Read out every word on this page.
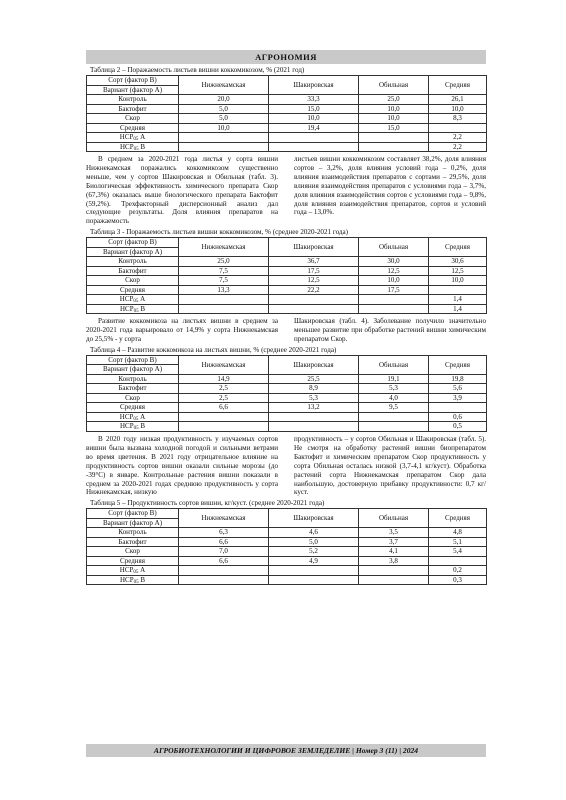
АГРОНОМИЯ
Таблица 2 – Поражаемость листьев вишни коккомикозом, % (2021 год)
Сорт (фактор В)
Вариант (фактор А)	Нижнекамская	Шакировская	Обильная	Средняя
Контроль	20,0	33,3	25,0	26,1
Бактофит	5,0	15,0	10,0	10,0
Скор	5,0	10,0	10,0	8,3
Средняя	10,0	19,4	15,0	
$НСР_{05}$ А				2,2
$НСР_{05}$ В				2,2

В среднем за 2020-2021 года листья у сорта вишни Нижнекамская поражались коккомикозом существенно меньше, чем у сортов Шакировская и Обильная (табл. 3). Биологическая эффективность химического препарата Скор (67,3%) оказалась выше биологического препарата Бактофит (59,2%). Трехфакторный дисперсионный анализ дал следующие результаты. Доля влияния препаратов на поражаемость

листьев вишни коккомикозом составляет 38,2%, доля влияния сортов – 3,2%, доля влияния условий года – 0,2%, доля влияния взаимодействия препаратов с сортами – 29,5%, доля влияния взаимодействия препаратов с условиями года – 3,7%, доля влияния взаимодействия сортов с условиями года – 9,8%, доля влияния взаимодействия препаратов, сортов и условий года – 13,0%.

Таблица 3 - Поражаемость листьев вишни коккомикозом, % (среднее 2020-2021 года)
Сорт (фактор В)
Вариант (фактор А)	Нижнекамская	Шакировская	Обильная	Средняя
Контроль	25,0	36,7	30,0	30,6
Бактофит	7,5	17,5	12,5	12,5
Скор	7,5	12,5	10,0	10,0
Средняя	13,3	22,2	17,5	
$НСР_{05}$ А				1,4
$НСР_{05}$ В				1,4

Развитие коккомикоза на листьях вишни в среднем за 2020-2021 года варьировало от 14,9% у сорта Нижнекамская до 25,5% - у сорта

Шакировская (табл. 4). Заболевание получило значительно меньшее развитие при обработке растений вишни химическим препаратом Скор.

Таблица 4 – Развитие коккомикоза на листьях вишни, % (среднее 2020-2021 года)
Сорт (фактор В)
Вариант (фактор А)	Нижнекамская	Шакировская	Обильная	Средняя
Контроль	14,9	25,5	19,1	19,8
Бактофит	2,5	8,9	5,3	5,6
Скор	2,5	5,3	4,0	3,9
Средняя	6,6	13,2	9,5	
$НСР_{05}$ А				0,6
$НСР_{05}$ В				0,5

В 2020 году низкая продуктивность у изучаемых сортов вишни была вызвана холодной погодой и сильными ветрами во время цветения. В 2021 году отрицательное влияние на продуктивность сортов вишни оказали сильные морозы (до -39°С) в январе. Контрольные растения вишни показали в среднем за 2020-2021 годах среднюю продуктивность у сорта Нижнекамская, низкую

продуктивность – у сортов Обильная и Шакировская (табл. 5). Не смотря на обработку растений вишни биопрепаратом Бактофит и химическим препаратом Скор продуктивность у сорта Обильная осталась низкой (3,7-4,1 кг/куст). Обработка растений сорта Нижнекамская препаратом Скор дала наибольшую, достоверную прибавку продуктивности: 0,7 кг/куст.

Таблица 5 – Продуктивность сортов вишни, кг/куст. (среднее 2020-2021 года)
Сорт (фактор В)
Вариант (фактор А)	Нижнекамская	Шакировская	Обильная	Средняя
Контроль	6,3	4,6	3,5	4,8
Бактофит	6,6	5,0	3,7	5,1
Скор	7,0	5,2	4,1	5,4
Средняя	6,6	4,9	3,8	
$НСР_{05}$ А				0,2
$НСР_{05}$ В				0,3
АГРОБИОТЕХНОЛОГИИ И ЦИФРОВОЕ ЗЕМЛЕДЕЛИЕ | Номер 3 (11) | 2024
